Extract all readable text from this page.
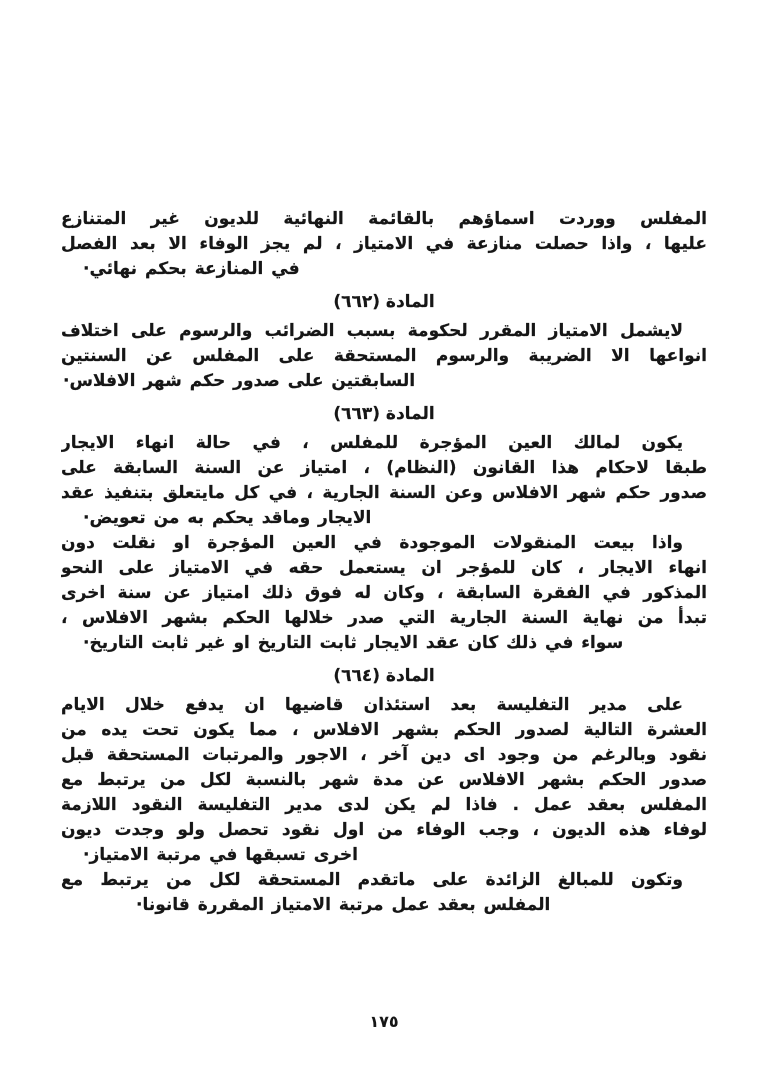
المفلس ووردت اسماؤهم بالقائمة النهائية للديون غير المتنازع
عليها ، واذا حصلت منازعة في الامتياز ، لم يجز الوفاء الا بعد الفصل
في المنازعة بحكم نهائي·
المادة (٦٦٢)
لايشمل الامتياز المقرر لحكومة بسبب الضرائب والرسوم على اختلاف
انواعها الا الضريبة والرسوم المستحقة على المفلس عن السنتين
السابقتين على صدور حكم شهر الافلاس·
المادة (٦٦٣)
يكون لمالك العين المؤجرة للمفلس ، في حالة انهاء الايجار
طبقا لاحكام هذا القانون (النظام) ، امتياز عن السنة السابقة على
صدور حكم شهر الافلاس وعن السنة الجارية ، في كل مايتعلق بتنفيذ عقد
الايجار وماقد يحكم به من تعويض·
واذا بيعت المنقولات الموجودة في العين المؤجرة او نقلت دون
انهاء الايجار ، كان للمؤجر ان يستعمل حقه في الامتياز على النحو
المذكور في الفقرة السابقة ، وكان له فوق ذلك امتياز عن سنة اخرى
تبدأ من نهاية السنة الجارية التي صدر خلالها الحكم بشهر الافلاس ،
سواء في ذلك كان عقد الايجار ثابت التاريخ او غير ثابت التاريخ·
المادة (٦٦٤)
على مدير التفليسة بعد استئذان قاضيها ان يدفع خلال الايام
العشرة التالية لصدور الحكم بشهر الافلاس ، مما يكون تحت يده من
نقود وبالرغم من وجود اى دين آخر ، الاجور والمرتبات المستحقة قبل
صدور الحكم بشهر الافلاس عن مدة شهر بالنسبة لكل من يرتبط مع
المفلس بعقد عمل . فاذا لم يكن لدى مدير التفليسة النقود اللازمة
لوفاء هذه الديون ، وجب الوفاء من اول نقود تحصل ولو وجدت ديون
اخرى تسبقها في مرتبة الامتياز·
وتكون للمبالغ الزائدة على ماتقدم المستحقة لكل من يرتبط مع
المفلس بعقد عمل مرتبة الامتياز المقررة قانونا·
١٧٥
